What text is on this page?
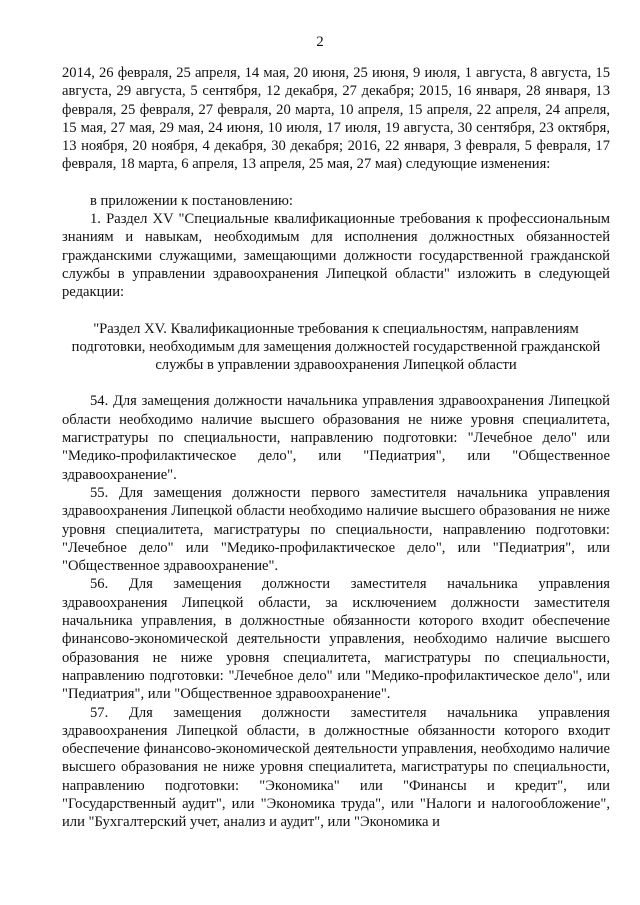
2

2014, 26 февраля, 25 апреля, 14 мая, 20 июня, 25 июня, 9 июля, 1 августа, 8 августа, 15 августа, 29 августа, 5 сентября, 12 декабря, 27 декабря; 2015, 16 января, 28 января, 13 февраля, 25 февраля, 27 февраля, 20 марта, 10 апреля, 15 апреля, 22 апреля, 24 апреля, 15 мая, 27 мая, 29 мая, 24 июня, 10 июля, 17 июля, 19 августа, 30 сентября, 23 октября, 13 ноября, 20 ноября, 4 декабря, 30 декабря; 2016, 22 января, 3 февраля, 5 февраля, 17 февраля, 18 марта, 6 апреля, 13 апреля, 25 мая, 27 мая) следующие изменения:

в приложении к постановлению:

1. Раздел XV "Специальные квалификационные требования к профессиональным знаниям и навыкам, необходимым для исполнения должностных обязанностей гражданскими служащими, замещающими должности государственной гражданской службы в управлении здравоохранения Липецкой области" изложить в следующей редакции:

"Раздел XV. Квалификационные требования к специальностям, направлениям подготовки, необходимым для замещения должностей государственной гражданской службы в управлении здравоохранения Липецкой области

54. Для замещения должности начальника управления здравоохранения Липецкой области необходимо наличие высшего образования не ниже уровня специалитета, магистратуры по специальности, направлению подготовки: "Лечебное дело" или "Медико-профилактическое дело", или "Педиатрия", или "Общественное здравоохранение".

55. Для замещения должности первого заместителя начальника управления здравоохранения Липецкой области необходимо наличие высшего образования не ниже уровня специалитета, магистратуры по специальности, направлению подготовки: "Лечебное дело" или "Медико-профилактическое дело", или "Педиатрия", или "Общественное здравоохранение".

56. Для замещения должности заместителя начальника управления здравоохранения Липецкой области, за исключением должности заместителя начальника управления, в должностные обязанности которого входит обеспечение финансово-экономической деятельности управления, необходимо наличие высшего образования не ниже уровня специалитета, магистратуры по специальности, направлению подготовки: "Лечебное дело" или "Медико-профилактическое дело", или "Педиатрия", или "Общественное здравоохранение".

57. Для замещения должности заместителя начальника управления здравоохранения Липецкой области, в должностные обязанности которого входит обеспечение финансово-экономической деятельности управления, необходимо наличие высшего образования не ниже уровня специалитета, магистратуры по специальности, направлению подготовки: "Экономика" или "Финансы и кредит", или "Государственный аудит", или "Экономика труда", или "Налоги и налогообложение", или "Бухгалтерский учет, анализ и аудит", или "Экономика и
